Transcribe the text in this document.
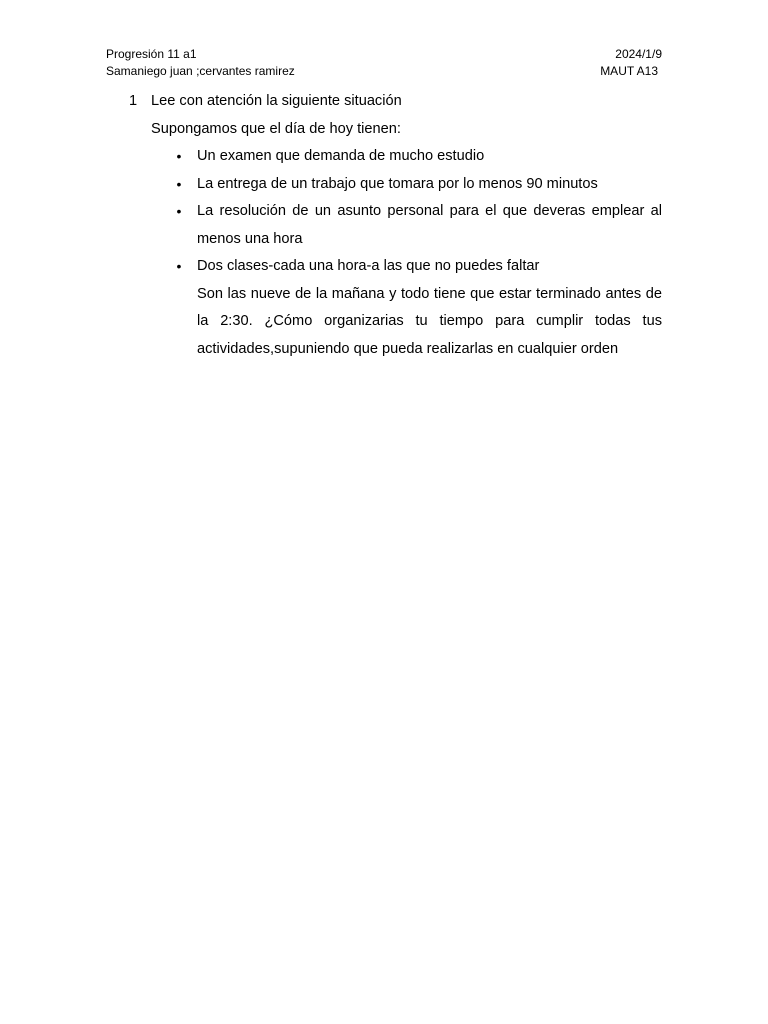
Progresión 11 a1	2024/1/9
Samaniego juan ;cervantes ramirez	MAUT A13
1 Lee con atención la siguiente situación
Supongamos que el día de hoy tienen:
• Un examen que demanda de mucho estudio
• La entrega de un trabajo que tomara por lo menos 90 minutos
• La resolución de un asunto personal para el que deveras emplear al menos una hora
• Dos clases-cada una hora-a las que no puedes faltar
Son las nueve de la mañana y todo tiene que estar terminado antes de la 2:30. ¿Cómo organizarias tu tiempo para cumplir todas tus actividades,supuniendo que pueda realizarlas en cualquier orden
